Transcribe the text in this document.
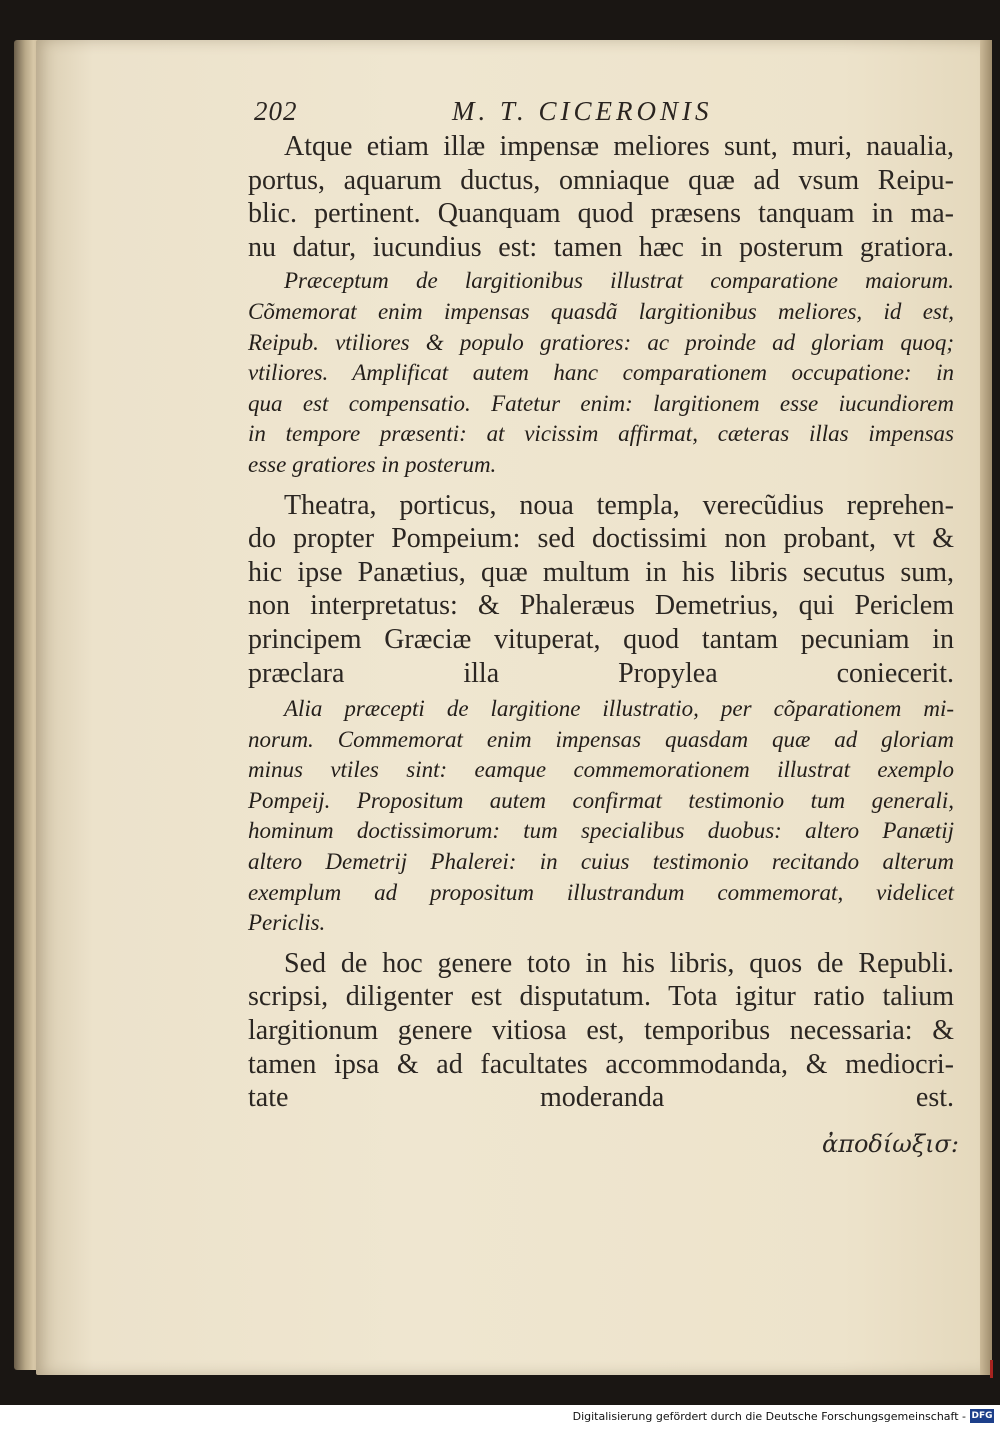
202	M. T. CICERONIS
Atque etiam illæ impensæ meliores sunt, muri, naualia,
portus, aquarum ductus, omniaque quæ ad vsum Reipu-
blic. pertinent. Quanquam quod præsens tanquam in ma-
nu datur, iucundius est: tamen hæc in posterum gratiora.
Præceptum de largitionibus illustrat comparatione maiorum.
Cõmemorat enim impensas quasdã largitionibus meliores, id est,
Reipub. vtiliores & populo gratiores: ac proinde ad gloriam quoq;
vtiliores. Amplificat autem hanc comparationem occupatione: in
qua est compensatio. Fatetur enim: largitionem esse iucundiorem
in tempore præsenti: at vicissim affirmat, cæteras illas impensas
esse gratiores in posterum.
Theatra, porticus, noua templa, verecũdius reprehen-
do propter Pompeium: sed doctissimi non probant, vt &
hic ipse Panætius, quæ multum in his libris secutus sum,
non interpretatus: & Phaleræus Demetrius, qui Periclem
principem Græciæ vituperat, quod tantam pecuniam in
præclara illa Propylea coniecerit.
Alia præcepti de largitione illustratio, per cõparationem mi-
norum. Commemorat enim impensas quasdam quæ ad gloriam
minus vtiles sint: eamque commemorationem illustrat exemplo
Pompeij. Propositum autem confirmat testimonio tum generali,
hominum doctissimorum: tum specialibus duobus: altero Panætij
altero Demetrij Phalerei: in cuius testimonio recitando alterum
exemplum ad propositum illustrandum commemorat, videlicet
Periclis.
Sed de hoc genere toto in his libris, quos de Republi.
scripsi, diligenter est disputatum. Tota igitur ratio talium
largitionum genere vitiosa est, temporibus necessaria: &
tamen ipsa & ad facultates accommodanda, & mediocri-
tate moderanda est.
ἀποδίωξισ:
Digitalisierung gefördert durch die Deutsche Forschungsgemeinschaft - DFG
